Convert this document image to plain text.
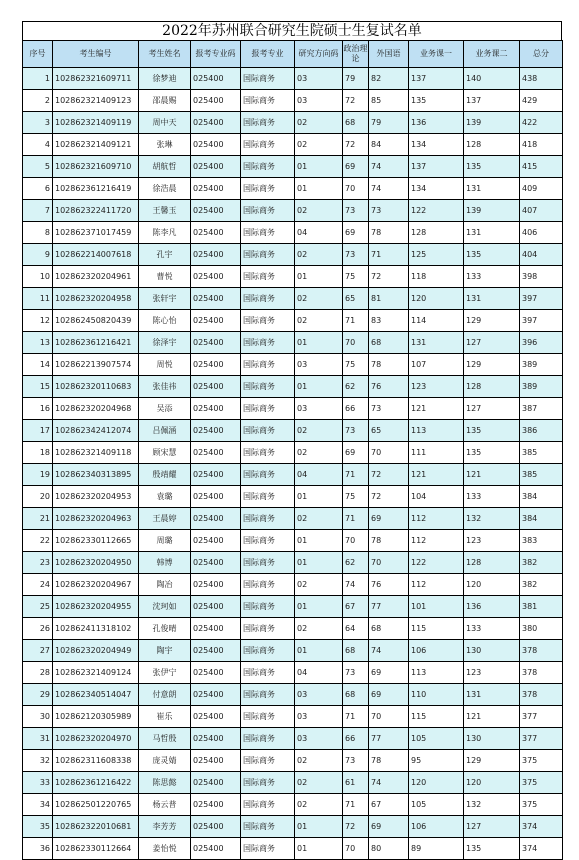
2022年苏州联合研究生院硕士生复试名单
序号	考生编号	考生姓名	报考专业码	报考专业	研究方向码	政治理论	外国语	业务课一	业务课二	总分
1	102862321609711	徐梦迪	025400	国际商务	03	79	82	137	140	438
2	102862321409123	邵晨赐	025400	国际商务	03	72	85	135	137	429
3	102862321409119	周中天	025400	国际商务	02	68	79	136	139	422
4	102862321409121	张琳	025400	国际商务	02	72	84	134	128	418
5	102862321609710	胡航哲	025400	国际商务	01	69	74	137	135	415
6	102862361216419	徐浩晨	025400	国际商务	01	70	74	134	131	409
7	102862322411720	王馨玉	025400	国际商务	02	73	73	122	139	407
8	102862371017459	陈李凡	025400	国际商务	04	69	78	128	131	406
9	102862214007618	孔宇	025400	国际商务	02	73	71	125	135	404
10	102862320204961	曹悦	025400	国际商务	01	75	72	118	133	398
11	102862320204958	张轩宇	025400	国际商务	02	65	81	120	131	397
12	102862450820439	陈心怡	025400	国际商务	02	71	83	114	129	397
13	102862361216421	徐泽宇	025400	国际商务	01	70	68	131	127	396
14	102862213907574	周悦	025400	国际商务	03	75	78	107	129	389
15	102862320110683	张佳祎	025400	国际商务	01	62	76	123	128	389
16	102862320204968	吴添	025400	国际商务	03	66	73	121	127	387
17	102862342412074	吕佩涵	025400	国际商务	02	73	65	113	135	386
18	102862321409118	顾宋慧	025400	国际商务	02	69	70	111	135	385
19	102862340313895	殷靖耀	025400	国际商务	04	71	72	121	121	385
20	102862320204953	袁璐	025400	国际商务	01	75	72	104	133	384
21	102862320204963	王晨婷	025400	国际商务	02	71	69	112	132	384
22	102862330112665	周璐	025400	国际商务	01	70	78	112	123	383
23	102862320204950	韩博	025400	国际商务	01	62	70	122	128	382
24	102862320204967	陶冶	025400	国际商务	02	74	76	112	120	382
25	102862320204955	沈珂如	025400	国际商务	01	67	77	101	136	381
26	102862411318102	孔俊晴	025400	国际商务	02	64	68	115	133	380
27	102862320204949	陶宇	025400	国际商务	01	68	74	106	130	378
28	102862321409124	张伊宁	025400	国际商务	04	73	69	113	123	378
29	102862340514047	付意朗	025400	国际商务	03	68	69	110	131	378
30	102862120305989	崔乐	025400	国际商务	03	71	70	115	121	377
31	102862320204970	马哲殷	025400	国际商务	03	66	77	105	130	377
32	102862311608338	庞灵婧	025400	国际商务	02	73	78	95	129	375
33	102862361216422	陈思懿	025400	国际商务	02	61	74	120	120	375
34	102862501220765	杨云普	025400	国际商务	02	71	67	105	132	375
35	102862322010681	李芳芳	025400	国际商务	01	72	69	106	127	374
36	102862330112664	姜怡悦	025400	国际商务	01	70	80	89	135	374
